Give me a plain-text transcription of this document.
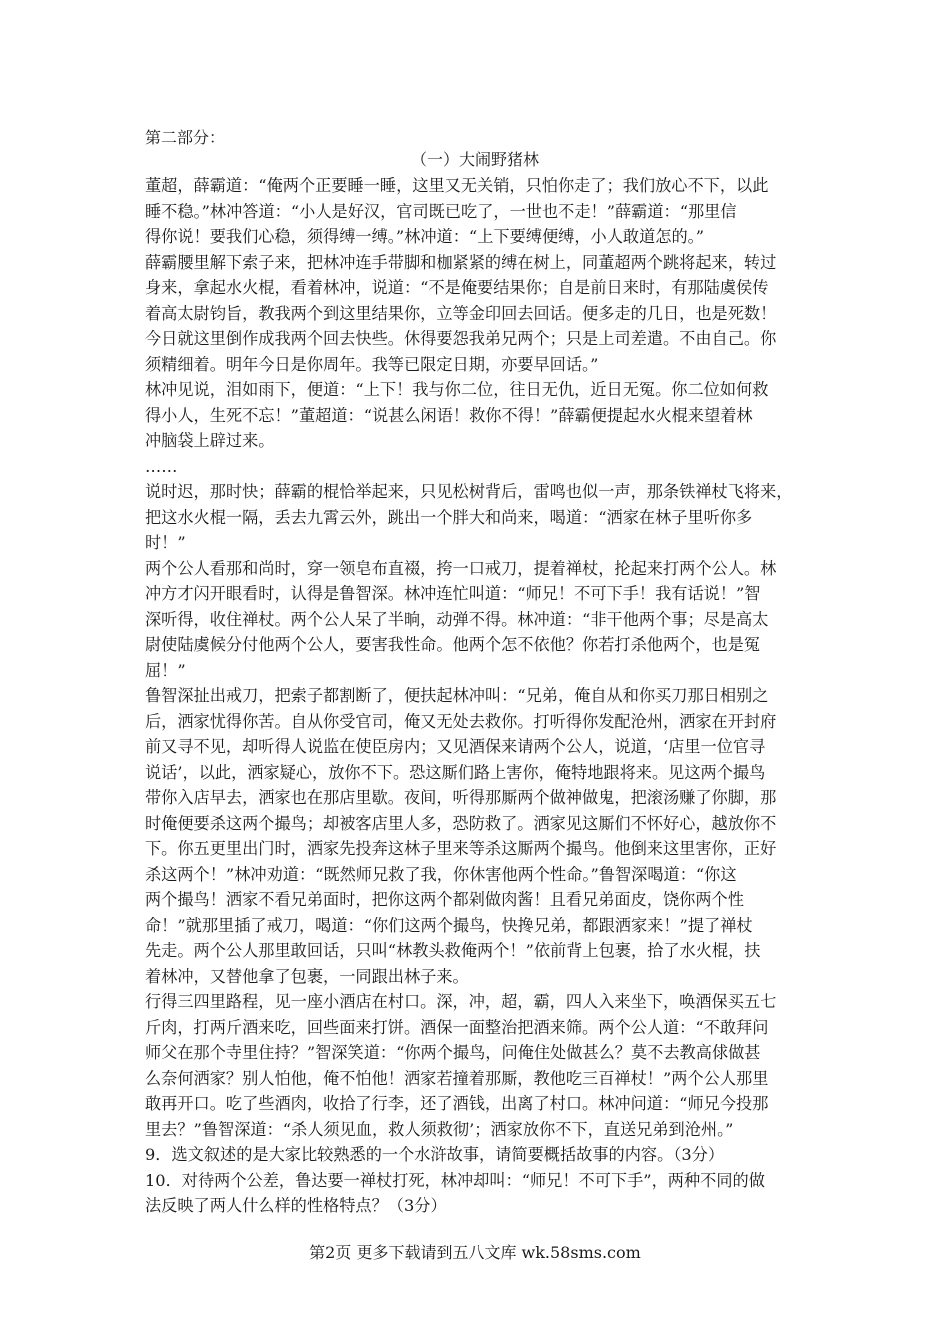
第二部分：
（一）大闹野猪林
董超，薛霸道：“俺两个正要睡一睡，这里又无关销，只怕你走了；我们放心不下，以此
睡不稳。”林冲答道：“小人是好汉，官司既已吃了，一世也不走！”薛霸道：“那里信
得你说！要我们心稳，须得缚一缚。”林冲道：“上下要缚便缚，小人敢道怎的。”
薛霸腰里解下索子来，把林冲连手带脚和枷紧紧的缚在树上，同董超两个跳将起来，转过
身来，拿起水火棍，看着林冲，说道：“不是俺要结果你；自是前日来时，有那陆虞侯传
着高太尉钧旨，教我两个到这里结果你，立等金印回去回话。便多走的几日，也是死数！
今日就这里倒作成我两个回去快些。休得要怨我弟兄两个；只是上司差遣。不由自己。你
须精细着。明年今日是你周年。我等已限定日期，亦要早回话。”
林冲见说，泪如雨下，便道：“上下！我与你二位，往日无仇，近日无冤。你二位如何救
得小人，生死不忘！”董超道：“说甚么闲语！救你不得！”薛霸便提起水火棍来望着林
冲脑袋上辟过来。
……
说时迟，那时快；薛霸的棍恰举起来，只见松树背后，雷鸣也似一声，那条铁禅杖飞将来，
把这水火棍一隔，丢去九霄云外，跳出一个胖大和尚来，喝道：“洒家在林子里听你多
时！”
两个公人看那和尚时，穿一领皂布直裰，挎一口戒刀，提着禅杖，抡起来打两个公人。林
冲方才闪开眼看时，认得是鲁智深。林冲连忙叫道：“师兄！不可下手！我有话说！”智
深听得，收住禅杖。两个公人呆了半晌，动弹不得。林冲道：“非干他两个事；尽是高太
尉使陆虞候分付他两个公人，要害我性命。他两个怎不依他？你若打杀他两个，也是冤
屈！”
鲁智深扯出戒刀，把索子都割断了，便扶起林冲叫：“兄弟，俺自从和你买刀那日相别之
后，洒家忧得你苦。自从你受官司，俺又无处去救你。打听得你发配沧州，洒家在开封府
前又寻不见，却听得人说监在使臣房内；又见酒保来请两个公人，说道，‘店里一位官寻
说话’，以此，洒家疑心，放你不下。恐这厮们路上害你，俺特地跟将来。见这两个撮鸟
带你入店早去，洒家也在那店里歇。夜间，听得那厮两个做神做鬼，把滚汤赚了你脚，那
时俺便要杀这两个撮鸟；却被客店里人多，恐防救了。洒家见这厮们不怀好心，越放你不
下。你五更里出门时，洒家先投奔这林子里来等杀这厮两个撮鸟。他倒来这里害你，正好
杀这两个！”林冲劝道：“既然师兄救了我，你休害他两个性命。”鲁智深喝道：“你这
两个撮鸟！洒家不看兄弟面时，把你这两个都剁做肉酱！且看兄弟面皮，饶你两个性
命！”就那里插了戒刀，喝道：“你们这两个撮鸟，快搀兄弟，都跟洒家来！”提了禅杖
先走。两个公人那里敢回话，只叫“林教头救俺两个！”依前背上包裹，拾了水火棍，扶
着林冲，又替他拿了包裹，一同跟出林子来。
行得三四里路程，见一座小酒店在村口。深，冲，超，霸，四人入来坐下，唤酒保买五七
斤肉，打两斤酒来吃，回些面来打饼。酒保一面整治把酒来筛。两个公人道：“不敢拜问
师父在那个寺里住持？”智深笑道：“你两个撮鸟，问俺住处做甚么？莫不去教高俅做甚
么奈何洒家？别人怕他，俺不怕他！洒家若撞着那厮，教他吃三百禅杖！”两个公人那里
敢再开口。吃了些酒肉，收拾了行李，还了酒钱，出离了村口。林冲问道：“师兄今投那
里去？”鲁智深道：“杀人须见血，救人须救彻’；洒家放你不下，直送兄弟到沧州。”
9．选文叙述的是大家比较熟悉的一个水浒故事，请简要概括故事的内容。（3分）
10．对待两个公差，鲁达要一禅杖打死，林冲却叫：“师兄！不可下手”，两种不同的做
法反映了两人什么样的性格特点？（3分）
第2页 更多下载请到五八文库 wk.58sms.com
